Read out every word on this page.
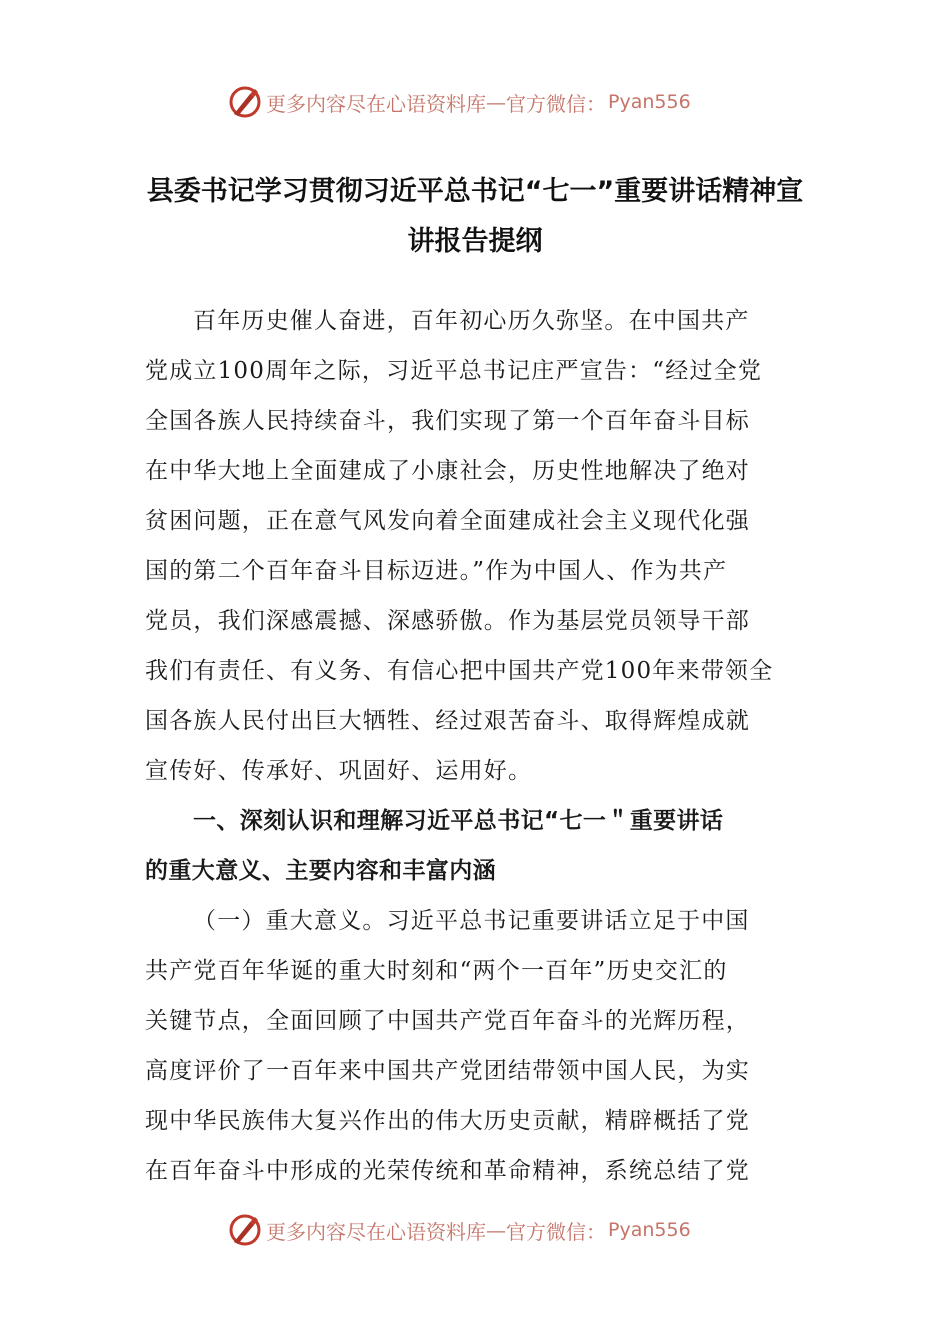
更多内容尽在心语资料库 — 官方微信： Pyan556
县委书记学习贯彻习近平总书记“七一”重要讲话精神宣
讲报告提纲
百年历史催人奋进，百年初心历久弥坚。在中国共产
党成立100周年之际，习近平总书记庄严宣告：“经过全党
全国各族人民持续奋斗，我们实现了第一个百年奋斗目标
在中华大地上全面建成了小康社会，历史性地解决了绝对
贫困问题，正在意气风发向着全面建成社会主义现代化强
国的第二个百年奋斗目标迈进。”作为中国人、作为共产
党员，我们深感震撼、深感骄傲。作为基层党员领导干部
我们有责任、有义务、有信心把中国共产党100年来带领全
国各族人民付出巨大牺牲、经过艰苦奋斗、取得辉煌成就
宣传好、传承好、巩固好、运用好。
一、深刻认识和理解习近平总书记“七一＂重要讲话
的重大意义、主要内容和丰富内涵
（一）重大意义。习近平总书记重要讲话立足于中国
共产党百年华诞的重大时刻和“两个一百年”历史交汇的
关键节点，全面回顾了中国共产党百年奋斗的光辉历程，
高度评价了一百年来中国共产党团结带领中国人民，为实
现中华民族伟大复兴作出的伟大历史贡献，精辟概括了党
在百年奋斗中形成的光荣传统和革命精神，系统总结了党
更多内容尽在心语资料库 — 官方微信： Pyan556
